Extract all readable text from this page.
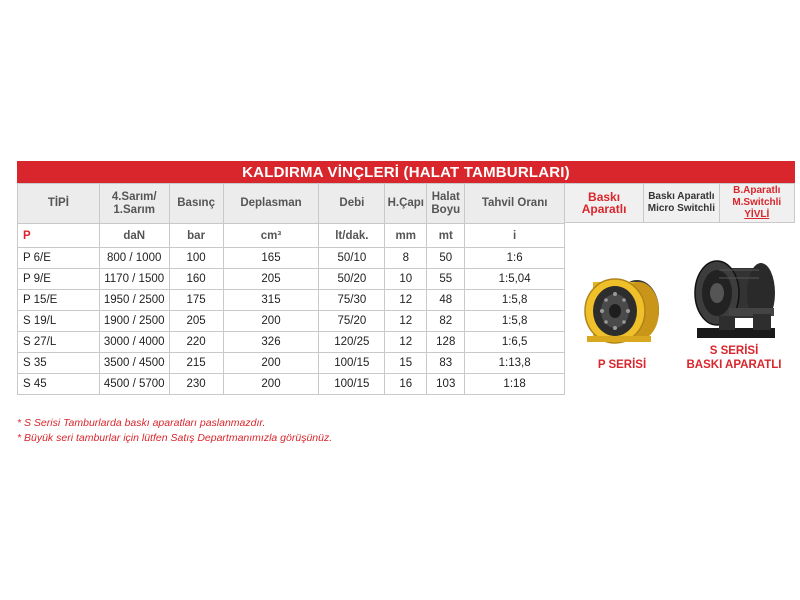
KALDIRMA VİNÇLERİ (HALAT TAMBURLARI)
TİPİ	4.Sarım/ 1.Sarım	Basınç	Deplasman	Debi	H.Çapı	Halat Boyu	Tahvil Oranı
P	daN	bar	cm³	lt/dak.	mm	mt	i
P 6/E	800 / 1000	100	165	50/10	8	50	1:6
P 9/E	1170 / 1500	160	205	50/20	10	55	1:5,04
P 15/E	1950 / 2500	175	315	75/30	12	48	1:5,8
S 19/L	1900 / 2500	205	200	75/20	12	82	1:5,8
S 27/L	3000 / 4000	220	326	120/25	12	128	1:6,5
S 35	3500 / 4500	215	200	100/15	15	83	1:13,8
S 45	4500 / 5700	230	200	100/15	16	103	1:18
Baskı Aparatlı
Baskı Aparatlı
Micro Switchli
B.Aparatlı
M.Switchli YİVLİ
P SERİSİ
S SERİSİ
BASKI APARATLI
* S Serisi Tamburlarda baskı aparatları paslanmazdır.
* Büyük seri tamburlar için lütfen Satış Departmanımızla görüşünüz.
